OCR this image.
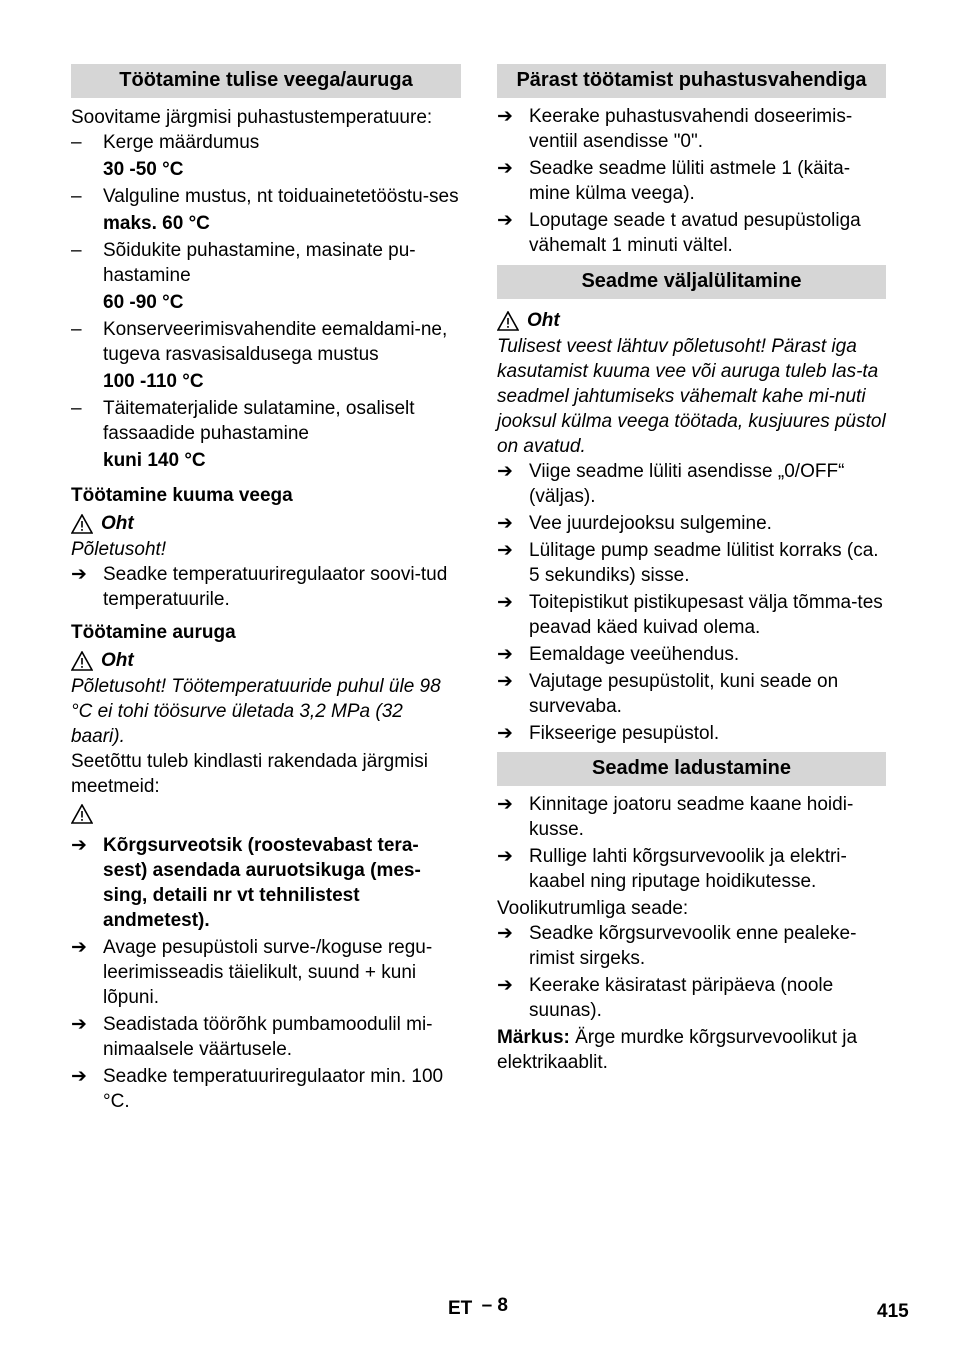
Töötamine tulise veega/auruga
Soovitame järgmisi puhastustemperatuure:
–	Kerge määrdumus
30 -50 °C
–	Valguline mustus, nt toiduainetetööstu-ses
maks. 60 °C
–	Sõidukite puhastamine, masinate pu-hastamine
60 -90 °C
–	Konserveerimisvahendite eemaldami-ne, tugeva rasvasisaldusega mustus
100 -110 °C
–	Täitematerjalide sulatamine, osaliselt fassaadide puhastamine
kuni 140 °C
Töötamine kuuma veega
Oht
Põletusoht!
➔ Seadke temperatuuriregulaator soovi-tud temperatuurile.
Töötamine auruga
Oht
Põletusoht! Töötemperatuuride puhul üle 98 °C ei tohi töösurve ületada 3,2 MPa (32 baari).
Seetõttu tuleb kindlasti rakendada järgmisi meetmeid:
➔ Kõrgsurveotsik (roostevabast tera-sest) asendada auruotsikuga (mes-sing, detaili nr vt tehnilistest andmetest).
➔ Avage pesupüstoli surve-/koguse regu-leerimisseadis täielikult, suund + kuni lõpuni.
➔ Seadistada töörõhk pumbamoodulil mi-nimaalsele väärtusele.
➔ Seadke temperatuuriregulaator min. 100 °C.
Pärast töötamist puhastusvahendiga
➔ Keerake puhastusvahendi doseerimis-ventiil asendisse "0".
➔ Seadke seadme lüliti astmele 1 (käita-mine külma veega).
➔ Loputage seade t avatud pesupüstoliga vähemalt 1 minuti vältel.
Seadme väljalülitamine
Oht
Tulisest veest lähtuv põletusoht! Pärast iga kasutamist kuuma vee või auruga tuleb las-ta seadmel jahtumiseks vähemalt kahe mi-nuti jooksul külma veega töötada, kusjuures püstol on avatud.
➔ Viige seadme lüliti asendisse „0/OFF“ (väljas).
➔ Vee juurdejooksu sulgemine.
➔ Lülitage pump seadme lülitist korraks (ca. 5 sekundiks) sisse.
➔ Toitepistikut pistikupesast välja tõmma-tes peavad käed kuivad olema.
➔ Eemaldage veeühendus.
➔ Vajutage pesupüstolit, kuni seade on survevaba.
➔ Fikseerige pesupüstol.
Seadme ladustamine
➔ Kinnitage joatoru seadme kaane hoidi-kusse.
➔ Rullige lahti kõrgsurvevoolik ja elektri-kaabel ning riputage hoidikutesse.
Voolikutrumliga seade:
➔ Seadke kõrgsurvevoolik enne pealeke-rimist sirgeks.
➔ Keerake käsiratast päripäeva (noole suunas).
Märkus: Ärge murdke kõrgsurvevoolikut ja elektrikaablit.
ET – 8	415
